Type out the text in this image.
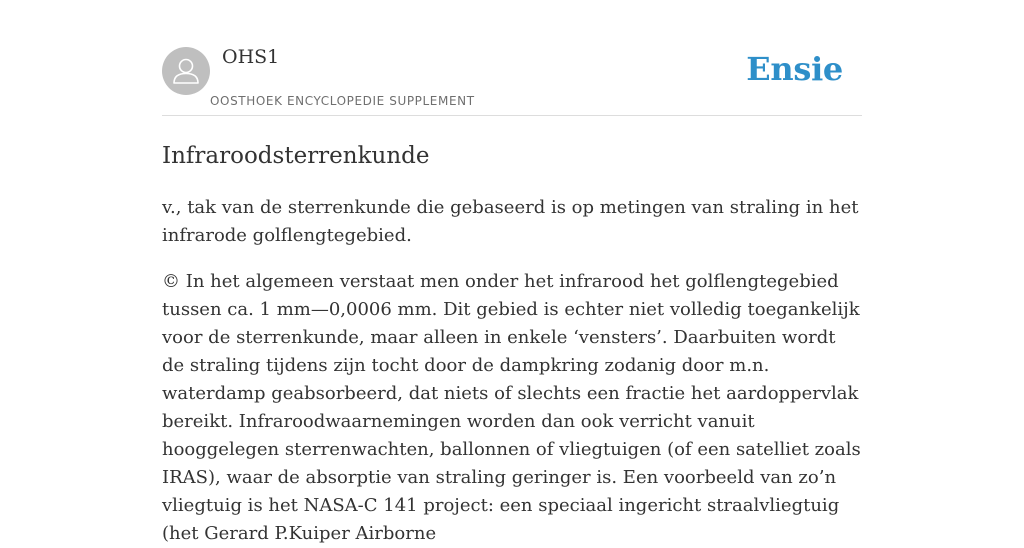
OHS1
OOSTHOEK ENCYCLOPEDIE SUPPLEMENT
Ensie
Infraroodsterrenkunde

v., tak van de sterrenkunde die gebaseerd is op metingen van straling in het infrarode golflengtegebied.

© In het algemeen verstaat men onder het infrarood het golflengtegebied tussen ca. 1 mm—0,0006 mm. Dit gebied is echter niet volledig toegankelijk voor de sterrenkunde, maar alleen in enkele ‘vensters’. Daarbuiten wordt de straling tijdens zijn tocht door de dampkring zodanig door m.n. waterdamp geabsorbeerd, dat niets of slechts een fractie het aardoppervlak bereikt. Infraroodwaarnemingen worden dan ook verricht vanuit hooggelegen sterrenwachten, ballonnen of vliegtuigen (of een satelliet zoals IRAS), waar de absorptie van straling geringer is. Een voorbeeld van zo’n vliegtuig is het NASA-C 141 project: een speciaal ingericht straalvliegtuig (het Gerard P.Kuiper Airborne
